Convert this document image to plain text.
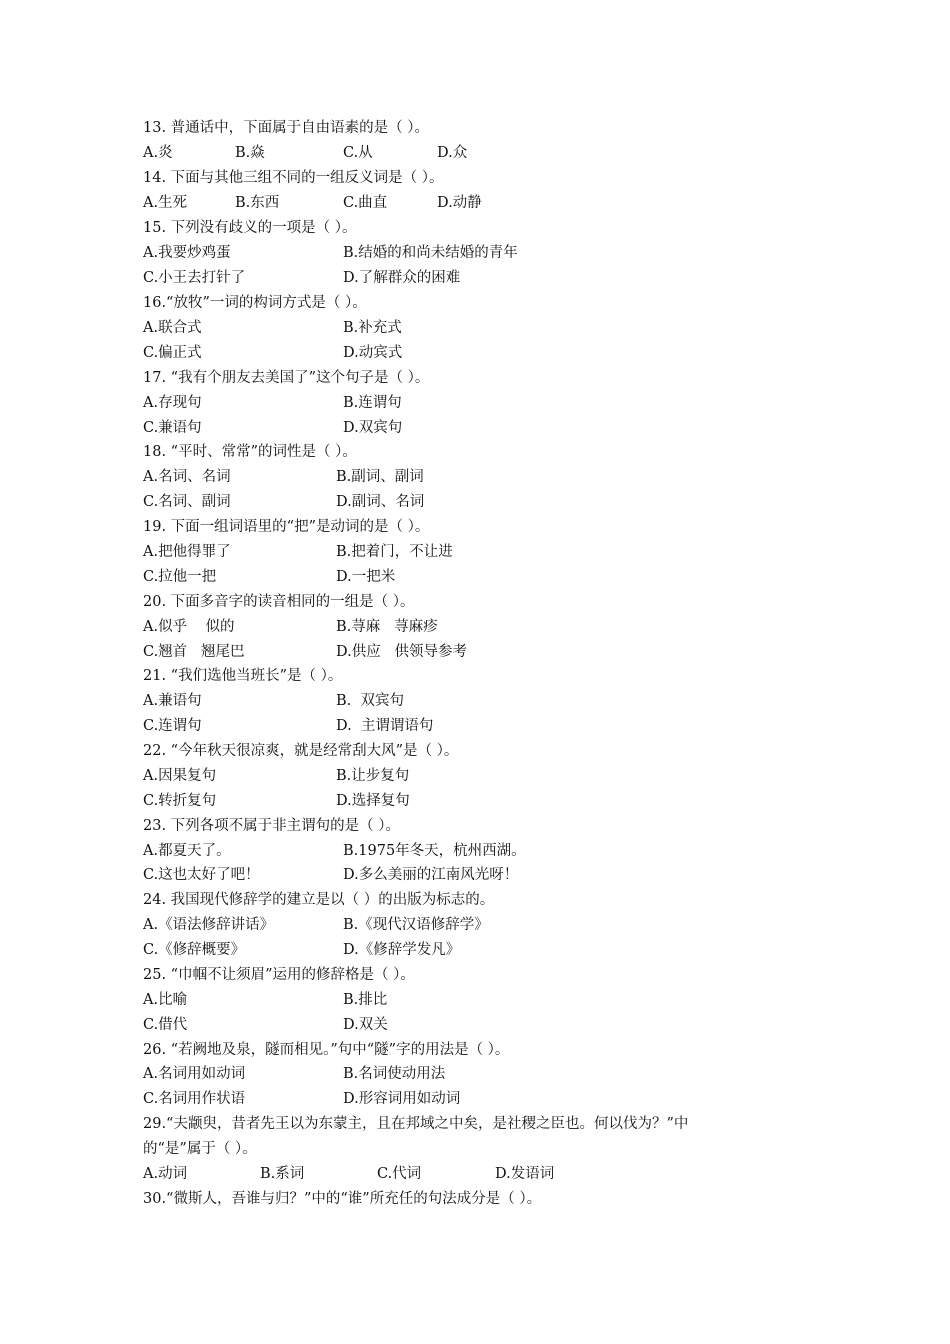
13. 普通话中，下面属于自由语素的是（ ）。
A.炎	B.焱	C.从	D.众
14. 下面与其他三组不同的一组反义词是（ ）。
A.生死	B.东西	C.曲直	D.动静
15. 下列没有歧义的一项是（ ）。
A.我要炒鸡蛋	B.结婚的和尚未结婚的青年
C.小王去打针了	D.了解群众的困难
16.“放牧”一词的构词方式是（ ）。
A.联合式	B.补充式
C.偏正式	D.动宾式
17. “我有个朋友去美国了”这个句子是（ ）。
A.存现句	B.连谓句
C.兼语句	D.双宾句
18. “平时、常常”的词性是（ ）。
A.名词、名词	B.副词、副词
C.名词、副词	D.副词、名词
19. 下面一组词语里的“把”是动词的是（ ）。
A.把他得罪了	B.把着门，不让进
C.拉他一把	D.一把米
20. 下面多音字的读音相同的一组是（ ）。
A.似乎    似的	B.荨麻   荨麻疹
C.翘首   翘尾巴	D.供应   供领导参考
21. “我们选他当班长”是（ ）。
A.兼语句	B.  双宾句
C.连谓句	D.  主谓谓语句
22. “今年秋天很凉爽，就是经常刮大风”是（ ）。
A.因果复句	B.让步复句
C.转折复句	D.选择复句
23. 下列各项不属于非主谓句的是（ ）。
A.都夏天了。	B.1975年冬天，杭州西湖。
C.这也太好了吧！	D.多么美丽的江南风光呀！
24. 我国现代修辞学的建立是以（ ）的出版为标志的。
A.《语法修辞讲话》	B.《现代汉语修辞学》
C.《修辞概要》	D.《修辞学发凡》
25. “巾帼不让须眉”运用的修辞格是（ ）。
A.比喻	B.排比
C.借代	D.双关
26. “若阙地及泉，隧而相见。”句中“隧”字的用法是（ ）。
A.名词用如动词	B.名词使动用法
C.名词用作状语	D.形容词用如动词
29.“夫颛臾，昔者先王以为东蒙主，且在邦域之中矣，是社稷之臣也。何以伐为？”中
的“是”属于（ ）。
A.动词	B.系词	C.代词	D.发语词
30.“微斯人，吾谁与归？”中的“谁”所充任的句法成分是（ ）。
